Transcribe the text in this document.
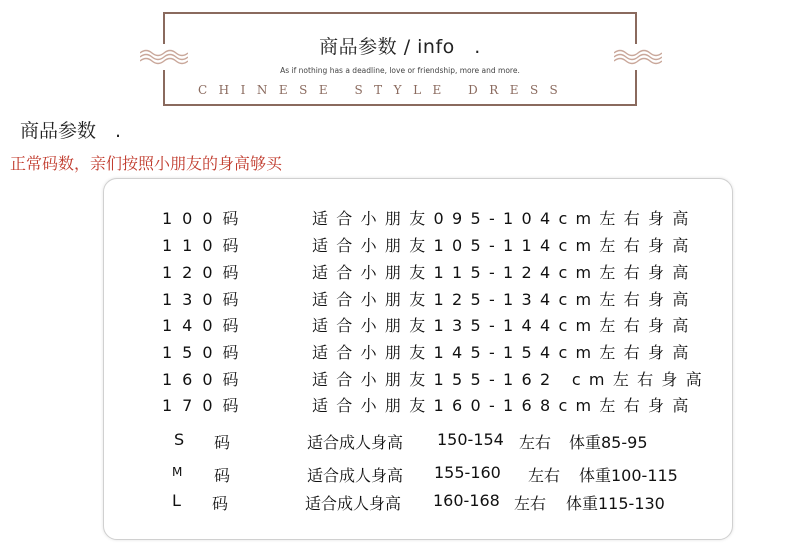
商品参数 / info　.
As if nothing has a deadline, love or friendship, more and more.
CHINESE STYLE DRESS
商品参数　.
正常码数，亲们按照小朋友的身高够买
100码	适合小朋友095-104cm左右身高
110码	适合小朋友105-114cm左右身高
120码	适合小朋友115-124cm左右身高
130码	适合小朋友125-134cm左右身高
140码	适合小朋友135-144cm左右身高
150码	适合小朋友145-154cm左右身高
160码	适合小朋友155-162 cm左右身高
170码	适合小朋友160-168cm左右身高
S 码	适合成人身高 150-154 左右 体重85-95
M 码	适合成人身高 155-160 左右 体重100-115
L 码	适合成人身高 160-168 左右 体重115-130
